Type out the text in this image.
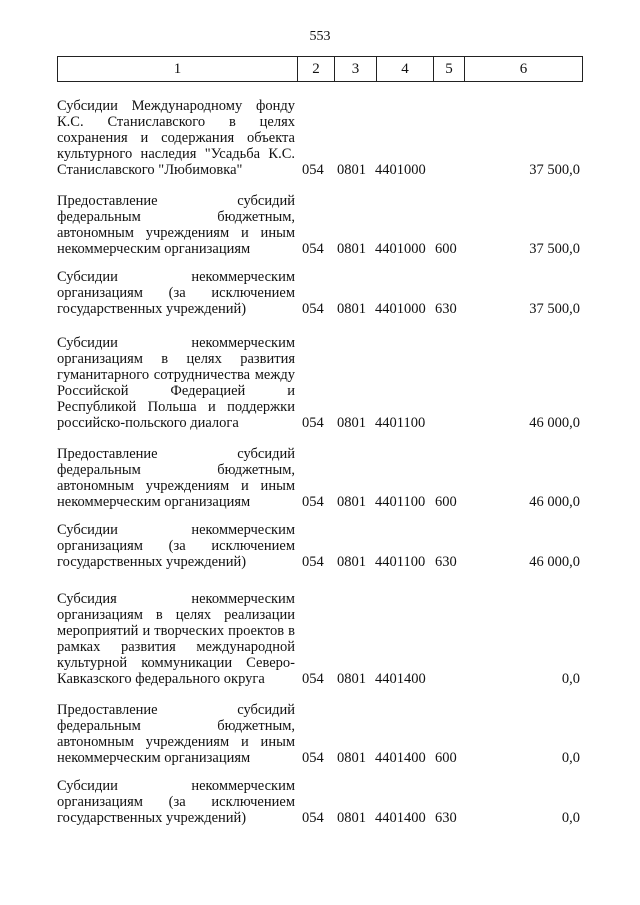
553
1	2	3	4	5	6
Субсидии Международному фонду К.С. Станиславского в целях сохранения и содержания объекта культурного наследия "Усадьба К.С. Станиславского "Любимовка"	054 0801 4401000	37 500,0
Предоставление субсидий федеральным бюджетным, автономным учреждениям и иным некоммерческим организациям	054 0801 4401000 600	37 500,0
Субсидии некоммерческим организациям (за исключением государственных учреждений)	054 0801 4401000 630	37 500,0
Субсидии некоммерческим организациям в целях развития гуманитарного сотрудничества между Российской Федерацией и Республикой Польша и поддержки российско-польского диалога	054 0801 4401100	46 000,0
Предоставление субсидий федеральным бюджетным, автономным учреждениям и иным некоммерческим организациям	054 0801 4401100 600	46 000,0
Субсидии некоммерческим организациям (за исключением государственных учреждений)	054 0801 4401100 630	46 000,0
Субсидия некоммерческим организациям в целях реализации мероприятий и творческих проектов в рамках развития международной культурной коммуникации Северо-Кавказского федерального округа	054 0801 4401400	0,0
Предоставление субсидий федеральным бюджетным, автономным учреждениям и иным некоммерческим организациям	054 0801 4401400 600	0,0
Субсидии некоммерческим организациям (за исключением государственных учреждений)	054 0801 4401400 630	0,0
